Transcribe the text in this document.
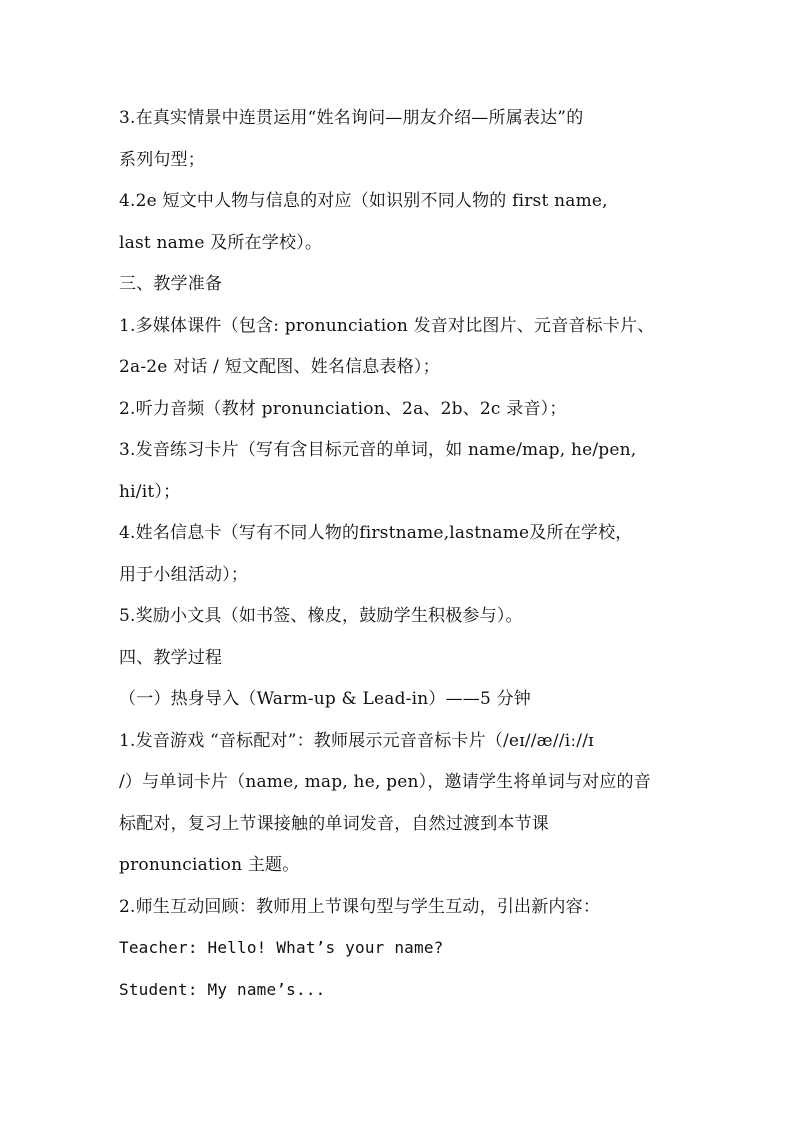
3.在真实情景中连贯运用“姓名询问—朋友介绍—所属表达”的
系列句型；
4.2e 短文中人物与信息的对应（如识别不同人物的 first name,
last name 及所在学校）。
三、教学准备
1.多媒体课件（包含: pronunciation 发音对比图片、元音音标卡片、
2a-2e 对话 / 短文配图、姓名信息表格）；
2.听力音频（教材 pronunciation、2a、2b、2c 录音）；
3.发音练习卡片（写有含目标元音的单词，如 name/map, he/pen,
hi/it）；
4.姓名信息卡（写有不同人物的firstname,lastname及所在学校，
用于小组活动）；
5.奖励小文具（如书签、橡皮，鼓励学生积极参与）。
四、教学过程
（一）热身导入（Warm-up & Lead-in）——5 分钟
1.发音游戏 “音标配对”：教师展示元音音标卡片（/eɪ//æ//iː//ɪ
/）与单词卡片（name, map, he, pen），邀请学生将单词与对应的音
标配对，复习上节课接触的单词发音，自然过渡到本节课
pronunciation 主题。
2.师生互动回顾：教师用上节课句型与学生互动，引出新内容：
Teacher: Hello! What’s your name?
Student: My name’s...
